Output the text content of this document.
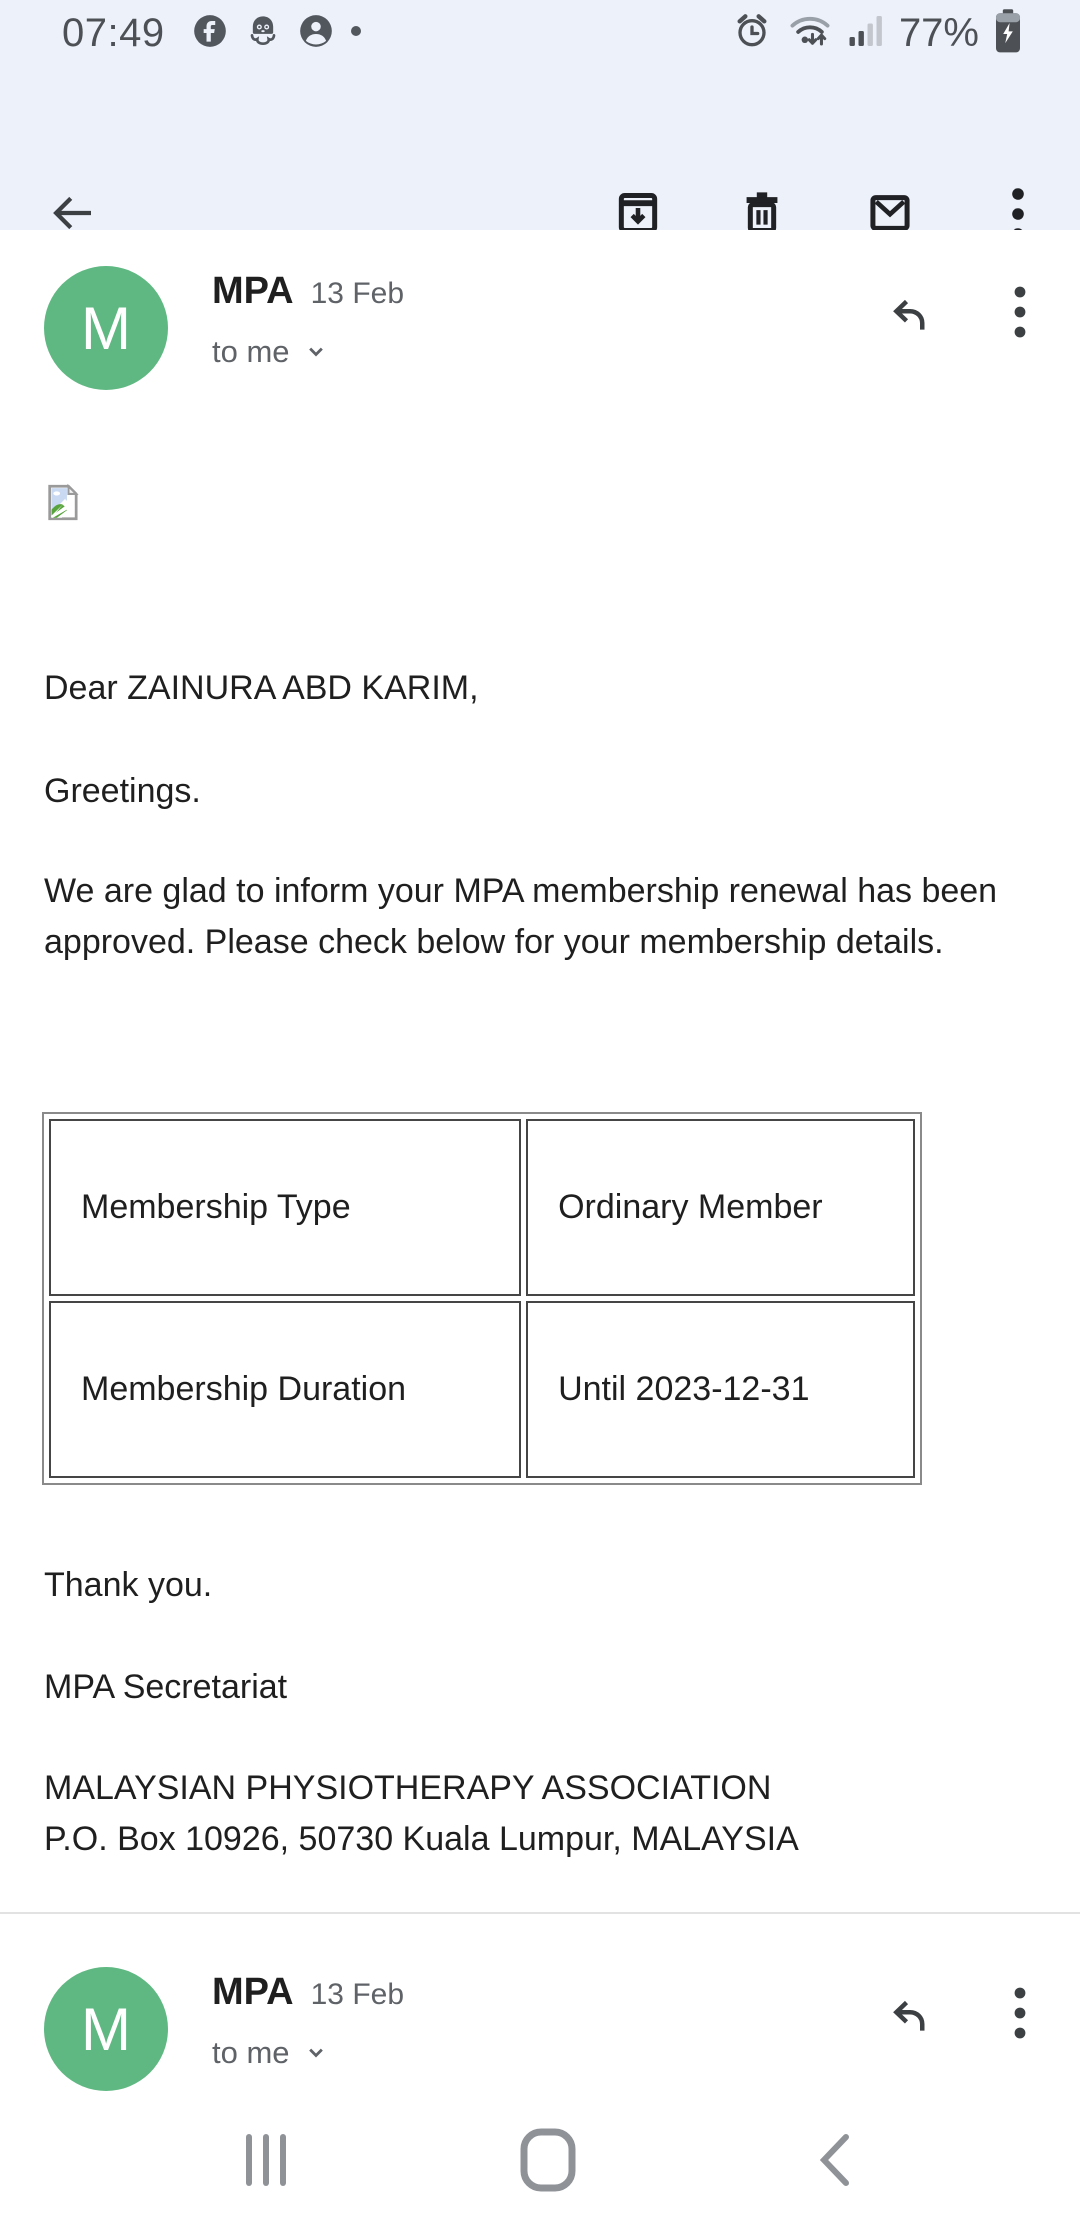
07:49	77%
M
MPA 13 Feb
to me

Dear ZAINURA ABD KARIM,

Greetings.

We are glad to inform your MPA membership renewal has been approved. Please check below for your membership details.

Membership Type	Ordinary Member
Membership Duration	Until 2023-12-31

Thank you.

MPA Secretariat

MALAYSIAN PHYSIOTHERAPY ASSOCIATION
P.O. Box 10926, 50730 Kuala Lumpur, MALAYSIA

M
MPA 13 Feb
to me
